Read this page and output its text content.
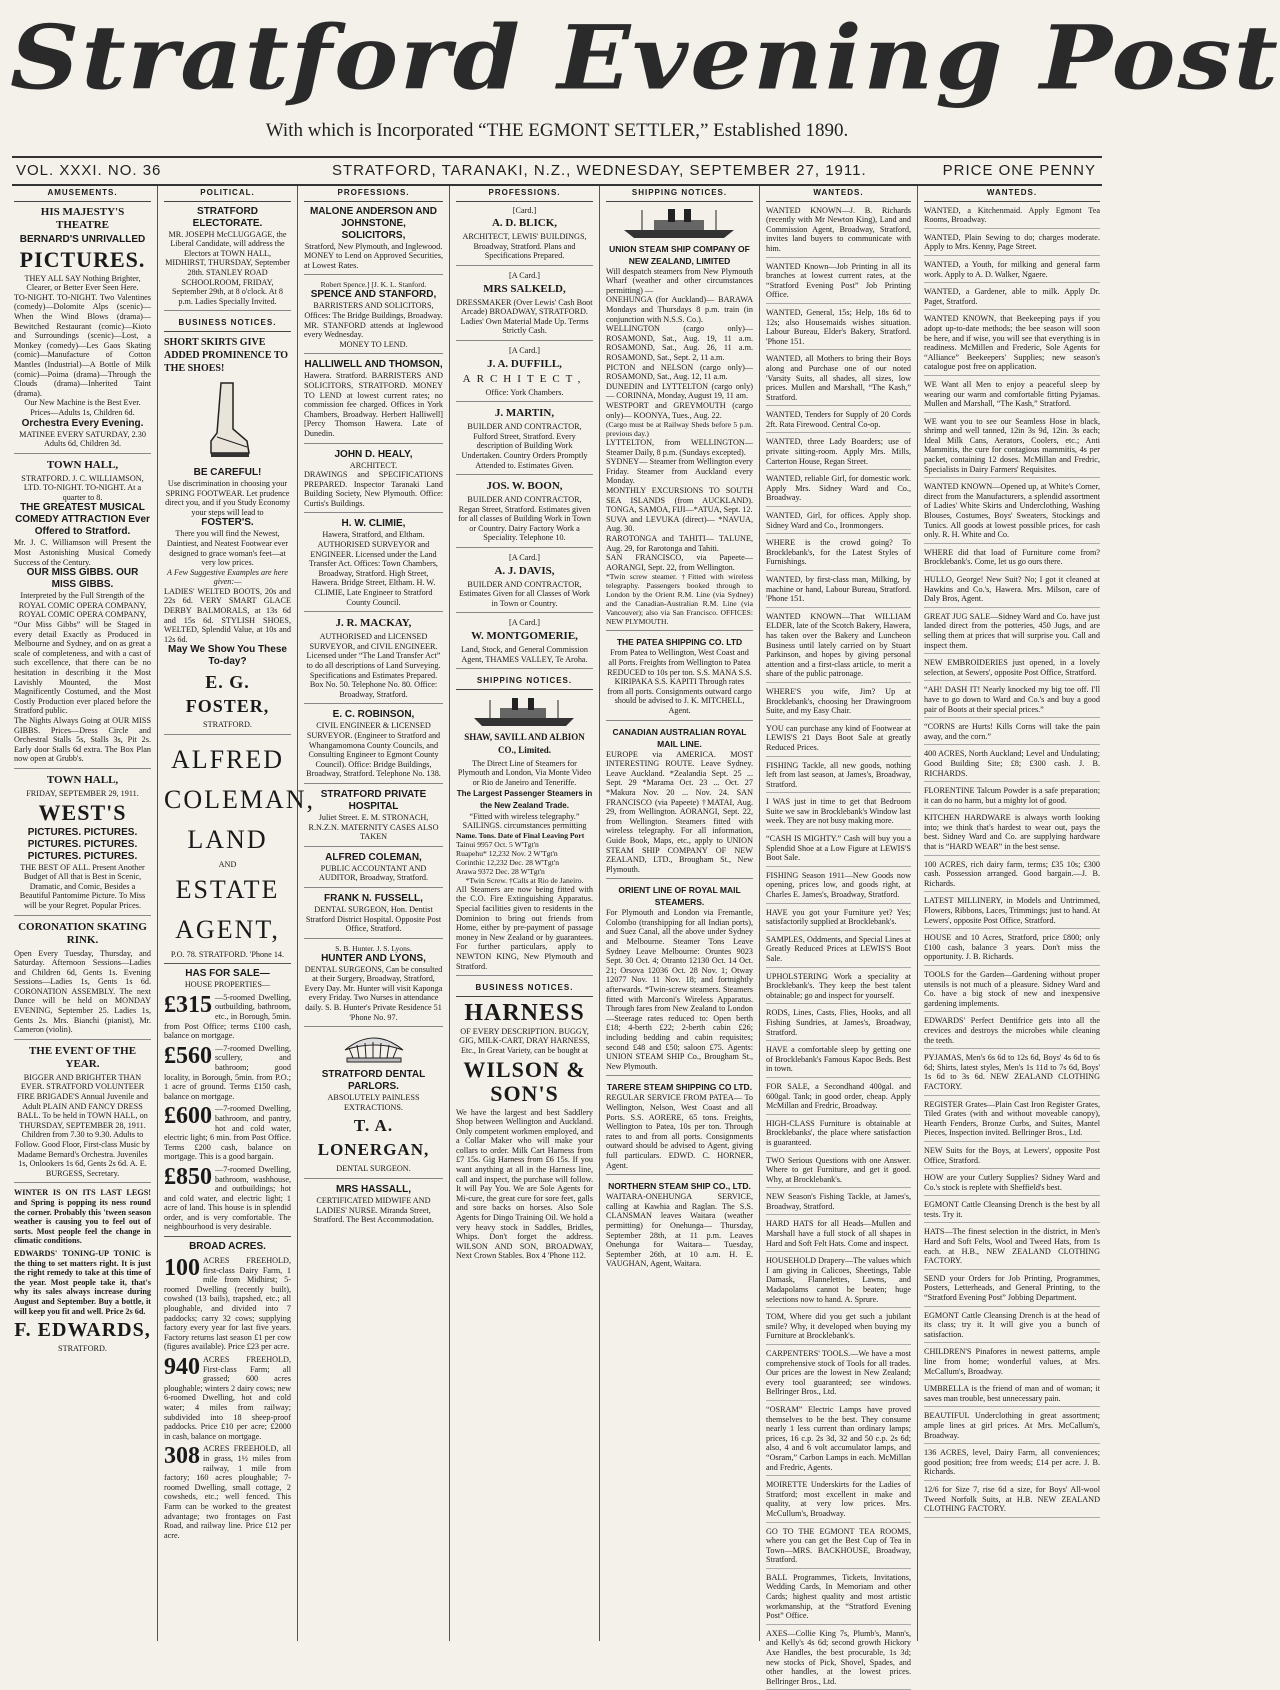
Stratford Evening Post
With which is Incorporated “THE EGMONT SETTLER,” Established 1890.
VOL. XXXI. NO. 36	STRATFORD, TARANAKI, N.Z., WEDNESDAY, SEPTEMBER 27, 1911.	PRICE ONE PENNY
AMUSEMENTS.
HIS MAJESTY'S THEATRE
BERNARD'S UNRIVALLED
PICTURES.
THEY ALL SAY Nothing Brighter, Clearer, or Better Ever Seen Here.
TO-NIGHT. TO-NIGHT. Two Valentines (comedy)—Dolomite Alps (scenic)—When the Wind Blows (drama)—Bewitched Restaurant (comic)—Kioto and Surroundings (scenic)—Lost, a Monkey (comedy)—Les Gaos Skating (comic)—Manufacture of Cotton Mantles (Industrial)—A Bottle of Milk (comic)—Poima (drama)—Through the Clouds (drama)—Inherited Taint (drama).
Our New Machine is the Best Ever. Prices—Adults 1s, Children 6d.
Orchestra Every Evening.
MATINEE EVERY SATURDAY, 2.30 Adults 6d, Children 3d.
TOWN HALL,
STRATFORD. J. C. WILLIAMSON, LTD. TO-NIGHT. TO-NIGHT. At a quarter to 8.
THE GREATEST MUSICAL COMEDY ATTRACTION Ever Offered to Stratford.
Mr. J. C. Williamson will Present the Most Astonishing Musical Comedy Success of the Century.
OUR MISS GIBBS. OUR MISS GIBBS.
Interpreted by the Full Strength of the ROYAL COMIC OPERA COMPANY, ROYAL COMIC OPERA COMPANY,
“Our Miss Gibbs” will be Staged in every detail Exactly as Produced in Melbourne and Sydney, and on as great a scale of completeness, and with a cast of such excellence, that there can be no hesitation in describing it the Most Lavishly Mounted, the Most Magnificently Costumed, and the Most Costly Production ever placed before the Stratford public.
The Nights Always Going at OUR MISS GIBBS. Prices—Dress Circle and Orchestral Stalls 5s, Stalls 3s, Pit 2s. Early door Stalls 6d extra. The Box Plan now open at Grubb's.
TOWN HALL,
FRIDAY, SEPTEMBER 29, 1911.
WEST'S
PICTURES. PICTURES. PICTURES. PICTURES. PICTURES. PICTURES.
THE BEST OF ALL. Present Another Budget of All that is Best in Scenic, Dramatic, and Comic, Besides a Beautiful Pantomime Picture. To Miss will be your Regret. Popular Prices.
CORONATION SKATING RINK.
Open Every Tuesday, Thursday, and Saturday. Afternoon Sessions—Ladies and Children 6d, Gents 1s. Evening Sessions—Ladies 1s, Gents 1s 6d. CORONATION ASSEMBLY. The next Dance will be held on MONDAY EVENING, September 25. Ladies 1s, Gents 2s. Mrs. Bianchi (pianist), Mr. Cameron (violin).
THE EVENT OF THE YEAR.
BIGGER AND BRIGHTER THAN EVER. STRATFORD VOLUNTEER FIRE BRIGADE'S Annual Juvenile and Adult PLAIN AND FANCY DRESS BALL. To be held in TOWN HALL, on THURSDAY, SEPTEMBER 28, 1911. Children from 7.30 to 9.30. Adults to Follow. Good Floor, First-class Music by Madame Bernard's Orchestra. Juveniles 1s, Onlookers 1s 6d, Gents 2s 6d. A. E. BURGESS, Secretary.
WINTER IS ON ITS LAST LEGS! and Spring is popping its ness round the corner. Probably this 'tween season weather is causing you to feel out of sorts. Most people feel the change in climatic conditions.
EDWARDS' TONING-UP TONIC is the thing to set matters right. It is just the right remedy to take at this time of the year. Most people take it, that's why its sales always increase during August and September. Buy a bottle, it will keep you fit and well. Price 2s 6d.
F. EDWARDS,
STRATFORD.
POLITICAL.
STRATFORD ELECTORATE.
MR. JOSEPH McCLUGGAGE, the Liberal Candidate, will address the Electors at TOWN HALL, MIDHIRST, THURSDAY, September 28th. STANLEY ROAD SCHOOLROOM, FRIDAY, September 29th, at 8 o'clock. At 8 p.m. Ladies Specially Invited.
BUSINESS NOTICES.
SHORT SKIRTS GIVE ADDED PROMINENCE TO THE SHOES!
BE CAREFUL!
Use discrimination in choosing your SPRING FOOTWEAR. Let prudence direct you, and if you Study Economy your steps will lead to
FOSTER'S.
There you will find the Newest, Daintiest, and Neatest Footwear ever designed to grace woman's feet—at very low prices.
A Few Suggestive Examples are here given:—
LADIES' WELTED BOOTS, 20s and 22s 6d. VERY SMART GLACE DERBY BALMORALS, at 13s 6d and 15s 6d. STYLISH SHOES, WELTED, Splendid Value, at 10s and 12s 6d.
May We Show You These To-day?
E. G. FOSTER,
STRATFORD.
ALFRED
COLEMAN,
LAND
AND
ESTATE
AGENT,
P.O. 78. STRATFORD. 'Phone 14.
HAS FOR SALE—
HOUSE PROPERTIES—
£315 —5-roomed Dwelling, outbuilding, bathroom, etc., in Borough, 5min. from Post Office; terms £100 cash, balance on mortgage.
£560 —7-roomed Dwelling, scullery, and bathroom; good locality, in Borough, 5min. from P.O.; 1 acre of ground. Terms £150 cash, balance on mortgage.
£600 —7-roomed Dwelling, bathroom, and pantry, hot and cold water, electric light; 6 min. from Post Office. Terms £200 cash, balance on mortgage. This is a good bargain.
£850 —7-roomed Dwelling, bathroom, washhouse, and outbuildings; hot and cold water, and electric light; 1 acre of land. This house is in splendid order, and is very comfortable. The neighbourhood is very desirable.
BROAD ACRES.
100 ACRES FREEHOLD, first-class Dairy Farm, 1 mile from Midhirst; 5-roomed Dwelling (recently built), cowshed (13 bails), trapshed, etc.; all ploughable, and divided into 7 paddocks; carry 32 cows; supplying factory every year for last five years. Factory returns last season £1 per cow (figures available). Price £23 per acre.
940 ACRES FREEHOLD, First-class Farm; all grassed; 600 acres ploughable; winters 2 dairy cows; new 6-roomed Dwelling, hot and cold water; 4 miles from railway; subdivided into 18 sheep-proof paddocks. Price £10 per acre; £2000 in cash, balance on mortgage.
308 ACRES FREEHOLD, all in grass, 1½ miles from railway, 1 mile from factory; 160 acres ploughable; 7-roomed Dwelling, small cottage, 2 cowsheds, etc.; well fenced. This Farm can be worked to the greatest advantage; two frontages on Fast Road, and railway line. Price £12 per acre.
PROFESSIONS.
MALONE ANDERSON AND JOHNSTONE,
SOLICITORS,
Stratford, New Plymouth, and Inglewood.
MONEY to Lend on Approved Securities, at Lowest Rates.
Robert Spence.] [J. K. L. Stanford.
SPENCE AND STANFORD,
BARRISTERS AND SOLICITORS,
Offices: The Bridge Buildings, Broadway.
MR. STANFORD attends at Inglewood every Wednesday.
MONEY TO LEND.
HALLIWELL AND THOMSON,
Hawera. Stratford. BARRISTERS AND SOLICITORS, STRATFORD. MONEY TO LEND at lowest current rates; no commission fee charged. Offices in York Chambers, Broadway. Herbert Halliwell] [Percy Thomson Hawera. Late of Dunedin.
JOHN D. HEALY,
ARCHITECT.
DRAWINGS and SPECIFICATIONS PREPARED. Inspector Taranaki Land Building Society, New Plymouth. Office: Curtis's Buildings.
H. W. CLIMIE,
Hawera, Stratford, and Eltham. AUTHORISED SURVEYOR and ENGINEER. Licensed under the Land Transfer Act. Offices: Town Chambers, Broadway, Stratford. High Street, Hawera. Bridge Street, Eltham. H. W. CLIMIE, Late Engineer to Stratford County Council.
J. R. MACKAY,
AUTHORISED and LICENSED SURVEYOR, and CIVIL ENGINEER. Licensed under “The Land Transfer Act” to do all descriptions of Land Surveying. Specifications and Estimates Prepared. Box No. 50. Telephone No. 80. Office: Broadway, Stratford.
E. C. ROBINSON,
CIVIL ENGINEER & LICENSED SURVEYOR. (Engineer to Stratford and Whangamomona County Councils, and Consulting Engineer to Egmont County Council). Office: Bridge Buildings, Broadway, Stratford. Telephone No. 138.
STRATFORD PRIVATE HOSPITAL
Juliet Street. E. M. STRONACH, R.N.Z.N. MATERNITY CASES ALSO TAKEN
ALFRED COLEMAN,
PUBLIC ACCOUNTANT AND AUDITOR, Broadway, Stratford.
FRANK N. FUSSELL,
DENTAL SURGEON, Hon. Dentist Stratford District Hospital. Opposite Post Office, Stratford.
S. B. Hunter. J. S. Lyons.
HUNTER AND LYONS,
DENTAL SURGEONS, Can be consulted at their Surgery, Broadway, Stratford, Every Day. Mr. Hunter will visit Kaponga every Friday. Two Nurses in attendance daily. S. B. Hunter's Private Residence 51 'Phone No. 97.
STRATFORD DENTAL PARLORS.
ABSOLUTELY PAINLESS EXTRACTIONS.
T. A. LONERGAN,
DENTAL SURGEON.
MRS HASSALL,
CERTIFICATED MIDWIFE AND LADIES' NURSE. Miranda Street, Stratford. The Best Accommodation.
PROFESSIONS.
[Card.]
A. D. BLICK,
ARCHITECT, LEWIS' BUILDINGS, Broadway, Stratford. Plans and Specifications Prepared.
[A Card.]
MRS SALKELD,
DRESSMAKER (Over Lewis' Cash Boot Arcade) BROADWAY, STRATFORD. Ladies' Own Material Made Up. Terms Strictly Cash.
[A Card.]
J. A. DUFFILL,
ARCHITECT,
Office: York Chambers.
J. MARTIN,
BUILDER AND CONTRACTOR, Fulford Street, Stratford. Every description of Building Work Undertaken. Country Orders Promptly Attended to. Estimates Given.
JOS. W. BOON,
BUILDER AND CONTRACTOR, Regan Street, Stratford. Estimates given for all classes of Building Work in Town or Country. Dairy Factory Work a Speciality. Telephone 10.
[A Card.]
A. J. DAVIS,
BUILDER AND CONTRACTOR, Estimates Given for all Classes of Work in Town or Country.
[A Card.]
W. MONTGOMERIE,
Land, Stock, and General Commission Agent, THAMES VALLEY, Te Aroha.
SHIPPING NOTICES.
SHAW, SAVILL AND ALBION CO., Limited.
The Direct Line of Steamers for Plymouth and London, Via Monte Video or Rio de Janeiro and Teneriffe.
The Largest Passenger Steamers in the New Zealand Trade.
“Fitted with wireless telegraphy.”
SAILINGS. circumstances permitting
Name. Tons. Date of Final Leaving Port
Tainui 9957 Oct. 5 W'Tgt'n
Ruapehu* 12,232 Nov. 2 W'Tgt'n
Corinthic 12,232 Dec. 28 W'Tgt'n
Arawa 9372 Dec. 28 W'Tgt'n
*Twin Screw. †Calls at Rio de Janeiro.
All Steamers are now being fitted with the C.O. Fire Extinguishing Apparatus. Special facilities given to residents in the Dominion to bring out friends from Home, either by pre-payment of passage money in New Zealand or by guarantees. For further particulars, apply to NEWTON KING, New Plymouth and Stratford.
BUSINESS NOTICES.
HARNESS
OF EVERY DESCRIPTION. BUGGY, GIG, MILK-CART, DRAY HARNESS, Etc., In Great Variety, can be bought at
WILSON & SON'S
We have the largest and best Saddlery Shop between Wellington and Auckland. Only competent workmen employed, and a Collar Maker who will make your collars to order. Milk Cart Harness from £7 15s. Gig Harness from £6 15s. If you want anything at all in the Harness line, call and inspect, the purchase will follow. It will Pay You. We are Sole Agents for Mi-cure, the great cure for sore feet, galls and sore backs on horses. Also Sole Agents for Dingo Training Oil. We hold a very heavy stock in Saddles, Bridles, Whips. Don't forget the address. WILSON AND SON, BROADWAY, Next Crown Stables. Box 4 'Phone 112.
SHIPPING NOTICES.
UNION STEAM SHIP COMPANY OF NEW ZEALAND, LIMITED
Will despatch steamers from New Plymouth Wharf (weather and other circumstances permitting) —
ONEHUNGA (for Auckland)— BARAWA Mondays and Thursdays 8 p.m. train (in conjunction with N.S.S. Co.).
WELLINGTON (cargo only)— ROSAMOND, Sat., Aug. 19, 11 a.m. ROSAMOND, Sat., Aug. 26, 11 a.m. ROSAMOND, Sat., Sept. 2, 11 a.m.
PICTON and NELSON (cargo only)— ROSAMOND, Sat., Aug. 12, 11 a.m.
DUNEDIN and LYTTELTON (cargo only)— CORINNA, Monday, August 19, 11 am.
WESTPORT and GREYMOUTH (cargo only)— KOONYA, Tues., Aug. 22.
(Cargo must be at Railway Sheds before 5 p.m. previous day.)
LYTTELTON, from WELLINGTON— Steamer Daily, 8 p.m. (Sundays excepted).
SYDNEY— Steamer from Wellington every Friday. Steamer from Auckland every Monday.
MONTHLY EXCURSIONS TO SOUTH SEA ISLANDS (from AUCKLAND). TONGA, SAMOA, FIJI—*ATUA, Sept. 12.
SUVA and LEVUKA (direct)— *NAVUA, Aug. 30.
RAROTONGA and TAHITI— TALUNE, Aug. 29, for Rarotonga and Tahiti.
SAN FRANCISCO, via Papeete— AORANGI, Sept. 22, from Wellington.
*Twin screw steamer. †Fitted with wireless telegraphy. Passengers booked through to London by the Orient R.M. Line (via Sydney) and the Canadian-Australian R.M. Line (via Vancouver); also via San Francisco. OFFICES: NEW PLYMOUTH.
THE PATEA SHIPPING CO. LTD
From Patea to Wellington, West Coast and all Ports. Freights from Wellington to Patea REDUCED to 10s per ton. S.S. MANA S.S. KIRIPAKA S.S. KAPITI Through rates from all ports. Consignments outward cargo should be advised to J. K. MITCHELL, Agent.
CANADIAN AUSTRALIAN ROYAL MAIL LINE.
EUROPE via AMERICA. MOST INTERESTING ROUTE. Leave Sydney. Leave Auckland. *Zealandia Sept. 25 ... Sept. 29 *Marama Oct. 23 ... Oct. 27 *Makura Nov. 20 ... Nov. 24. SAN FRANCISCO (via Papeete) †MATAI, Aug. 29, from Wellington. AORANGI, Sept. 22, from Wellington. Steamers fitted with wireless telegraphy. For all information, Guide Book, Maps, etc., apply to UNION STEAM SHIP COMPANY OF NEW ZEALAND, LTD., Brougham St., New Plymouth.
ORIENT LINE OF ROYAL MAIL STEAMERS.
For Plymouth and London via Fremantle, Colombo (transhipping for all Indian ports), and Suez Canal, all the above under Sydney and Melbourne. Steamer Tons Leave Sydney Leave Melbourne: Oruntes 9023 Sept. 30 Oct. 4; Otranto 12130 Oct. 14 Oct. 21; Orsova 12036 Oct. 28 Nov. 1; Otway 12077 Nov. 11 Nov. 18; and fortnightly afterwards. *Twin-screw steamers. Steamers fitted with Marconi's Wireless Apparatus. Through fares from New Zealand to London—Steerage rates reduced to: Open berth £18; 4-berth £22; 2-berth cabin £26; including bedding and cabin requisites; second £48 and £50; saloon £75. Agents: UNION STEAM SHIP Co., Brougham St., New Plymouth.
TARERE STEAM SHIPPING CO LTD.
REGULAR SERVICE FROM PATEA— To Wellington, Nelson, West Coast and all Ports. S.S. AORERE, 65 tons. Freights, Wellington to Patea, 10s per ton. Through rates to and from all ports. Consignments outward should be advised to Agent, giving full particulars. EDWD. C. HORNER, Agent.
NORTHERN STEAM SHIP CO., LTD.
WAITARA-ONEHUNGA SERVICE, calling at Kawhia and Raglan. The S.S. CLANSMAN leaves Waitara (weather permitting) for Onehunga— Thursday, September 28th, at 11 p.m. Leaves Onehunga for Waitara— Tuesday, September 26th, at 10 a.m. H. E. VAUGHAN, Agent, Waitara.
WANTEDS.
WANTED KNOWN—J. B. Richards (recently with Mr Newton King), Land and Commission Agent, Broadway, Stratford, invites land buyers to communicate with him.
WANTED Known—Job Printing in all its branches at lowest current rates, at the “Stratford Evening Post” Job Printing Office.
WANTED, General, 15s; Help, 18s 6d to 12s; also Housemaids wishes situation. Labour Bureau, Elder's Bakery, Stratford. 'Phone 151.
WANTED, all Mothers to bring their Boys along and Purchase one of our noted 'Varsity Suits, all shades, all sizes, low prices. Mullen and Marshall, “The Kash,” Stratford.
WANTED, Tenders for Supply of 20 Cords 2ft. Rata Firewood. Central Co-op.
WANTED, three Lady Boarders; use of private sitting-room. Apply Mrs. Mills, Carterton House, Regan Street.
WANTED, reliable Girl, for domestic work. Apply Mrs. Sidney Ward and Co., Broadway.
WANTED, Girl, for offices. Apply shop. Sidney Ward and Co., Ironmongers.
WHERE is the crowd going? To Brocklebank's, for the Latest Styles of Furnishings.
WANTED, by first-class man, Milking, by machine or hand, Labour Bureau, Stratford. 'Phone 151.
WANTED KNOWN—That WILLIAM ELDER, late of the Scotch Bakery, Hawera, has taken over the Bakery and Luncheon Business until lately carried on by Stuart Parkinson, and hopes by giving personal attention and a first-class article, to merit a share of the public patronage.
WHERE'S you wife, Jim? Up at Brocklebank's, choosing her Drawingroom Suite, and my Easy Chair.
YOU can purchase any kind of Footwear at LEWIS'S 21 Days Boot Sale at greatly Reduced Prices.
FISHING Tackle, all new goods, nothing left from last season, at James's, Broadway, Stratford.
I WAS just in time to get that Bedroom Suite we saw in Brocklebank's Window last week. They are not busy making more.
“CASH IS MIGHTY.” Cash will buy you a Splendid Shoe at a Low Figure at LEWIS'S Boot Sale.
FISHING Season 1911—New Goods now opening, prices low, and goods right, at Charles E. James's, Broadway, Stratford.
HAVE you got your Furniture yet? Yes; satisfactorily supplied at Brocklebank's.
SAMPLES, Oddments, and Special Lines at Greatly Reduced Prices at LEWIS'S Boot Sale.
UPHOLSTERING Work a speciality at Brocklebank's. They keep the best talent obtainable; go and inspect for yourself.
RODS, Lines, Casts, Flies, Hooks, and all Fishing Sundries, at James's, Broadway, Stratford.
HAVE a comfortable sleep by getting one of Brocklebank's Famous Kapoc Beds. Best in town.
FOR SALE, a Secondhand 400gal. and 600gal. Tank; in good order, cheap. Apply McMillan and Fredric, Broadway.
HIGH-CLASS Furniture is obtainable at Brocklebanks', the place where satisfaction is guaranteed.
TWO Serious Questions with one Answer. Where to get Furniture, and get it good. Why, at Brocklebank's.
NEW Season's Fishing Tackle, at James's, Broadway, Stratford.
HARD HATS for all Heads—Mullen and Marshall have a full stock of all shapes in Hard and Soft Felt Hats. Come and inspect.
HOUSEHOLD Drapery—The values which I am giving in Calicoes, Sheetings, Table Damask, Flannelettes, Lawns, and Madapolams cannot be beaten; huge selections now to hand. A. Sprure.
TOM, Where did you get such a jubilant smile? Why, it developed when buying my Furniture at Brocklebank's.
CARPENTERS' TOOLS.—We have a most comprehensive stock of Tools for all trades. Our prices are the lowest in New Zealand; every tool guaranteed; see windows. Bellringer Bros., Ltd.
“OSRAM” Electric Lamps have proved themselves to be the best. They consume nearly 1 less current than ordinary lamps; prices, 16 c.p. 2s 3d, 32 and 50 c.p. 2s 6d; also, 4 and 6 volt accumulator lamps, and “Osram,” Carbon Lamps in each. McMillan and Fredric, Agents.
MOIRETTE Underskirts for the Ladies of Stratford; most excellent in make and quality, at very low prices. Mrs. McCullum's, Broadway.
GO TO THE EGMONT TEA ROOMS, where you can get the Best Cup of Tea in Town—MRS. BACKHOUSE, Broadway, Stratford.
BALL Programmes, Tickets, Invitations, Wedding Cards, In Memoriam and other Cards; highest quality and most artistic workmanship, at the “Stratford Evening Post” Office.
AXES—Collie King 7s, Plumb's, Mann's, and Kelly's 4s 6d; second growth Hickory Axe Handles, the best procurable, 1s 3d; new stocks of Pick, Shovel, Spades, and other handles, at the lowest prices. Bellringer Bros., Ltd.
WANTEDS.
WANTED, a Kitchenmaid. Apply Egmont Tea Rooms, Broadway.
WANTED, Plain Sewing to do; charges moderate. Apply to Mrs. Kenny, Page Street.
WANTED, a Youth, for milking and general farm work. Apply to A. D. Walker, Ngaere.
WANTED, a Gardener, able to milk. Apply Dr. Paget, Stratford.
WANTED KNOWN, that Beekeeping pays if you adopt up-to-date methods; the bee season will soon be here, and if wise, you will see that everything is in readiness. McMillen and Frederic, Sole Agents for “Alliance” Beekeepers' Supplies; new season's catalogue post free on application.
WE Want all Men to enjoy a peaceful sleep by wearing our warm and comfortable fitting Pyjamas. Mullen and Marshall, “The Kash,” Stratford.
WE want you to see our Seamless Hose in black, shrimp and well tanned, 12in 3s 9d, 12in. 3s each; Ideal Milk Cans, Aerators, Coolers, etc.; Anti Mammitis, the cure for contagious mammitis, 4s per packet, containing 12 doses. McMillan and Fredric, Specialists in Dairy Farmers' Requisites.
WANTED KNOWN—Opened up, at White's Corner, direct from the Manufacturers, a splendid assortment of Ladies' White Skirts and Underclothing, Washing Blouses, Costumes, Boys' Sweaters, Stockings and Tunics. All goods at lowest possible prices, for cash only. R. H. White and Co.
WHERE did that load of Furniture come from? Brocklebank's. Come, let us go ours there.
HULLO, George! New Suit? No; I got it cleaned at Hawkins and Co.'s, Hawera. Mrs. Milson, care of Daly Bros, Agent.
GREAT JUG SALE—Sidney Ward and Co. have just landed direct from the potteries, 450 Jugs, and are selling them at prices that will surprise you. Call and inspect them.
NEW EMBROIDERIES just opened, in a lovely selection, at Sewers', opposite Post Office, Stratford.
“AH! DASH IT! Nearly knocked my big toe off. I'll have to go down to Ward and Co.'s and buy a good pair of Boots at their special prices.”
“CORNS are Hurts! Kills Corns will take the pain away, and the corn.”
400 ACRES, North Auckland; Level and Undulating; Good Building Site; £8; £300 cash. J. B. RICHARDS.
FLORENTINE Talcum Powder is a safe preparation; it can do no harm, but a mighty lot of good.
KITCHEN HARDWARE is always worth looking into; we think that's hardest to wear out, pays the best. Sidney Ward and Co. are supplying hardware that is “HARD WEAR” in the best sense.
100 ACRES, rich dairy farm, terms; £35 10s; £300 cash. Possession arranged. Good bargain.—J. B. Richards.
LATEST MILLINERY, in Models and Untrimmed, Flowers, Ribbons, Laces, Trimmings; just to hand. At Lewers', opposite Post Office, Stratford.
HOUSE and 10 Acres, Stratford, price £800; only £100 cash, balance 3 years. Don't miss the opportunity. J. B. Richards.
TOOLS for the Garden—Gardening without proper utensils is not much of a pleasure. Sidney Ward and Co. have a big stock of new and inexpensive gardening implements.
EDWARDS' Perfect Dentifrice gets into all the crevices and destroys the microbes while cleaning the teeth.
PYJAMAS, Men's 6s 6d to 12s 6d, Boys' 4s 6d to 6s 6d; Shirts, latest styles, Men's 1s 11d to 7s 6d, Boys' 1s 6d to 3s 6d. NEW ZEALAND CLOTHING FACTORY.
REGISTER Grates—Plain Cast Iron Register Grates, Tiled Grates (with and without moveable canopy), Hearth Fenders, Bronze Curbs, and Suites, Mantel Pieces, Inspection invited. Bellringer Bros., Ltd.
NEW Suits for the Boys, at Lewers', opposite Post Office, Stratford.
HOW are your Cutlery Supplies? Sidney Ward and Co.'s stock is replete with Sheffield's best.
EGMONT Cattle Cleansing Drench is the best by all tests. Try it.
HATS—The finest selection in the district, in Men's Hard and Soft Felts, Wool and Tweed Hats, from 1s each. at H.B., NEW ZEALAND CLOTHING FACTORY.
SEND your Orders for Job Printing, Programmes, Posters, Letterheads, and General Printing, to the “Stratford Evening Post” Jobbing Department.
EGMONT Cattle Cleansing Drench is at the head of its class; try it. It will give you a bunch of satisfaction.
CHILDREN'S Pinafores in newest patterns, ample line from home; wonderful values, at Mrs. McCallum's, Broadway.
UMBRELLA is the friend of man and of woman; it saves man trouble, best unnecessary pain.
BEAUTIFUL Underclothing in great assortment; ample lines at girl prices. At Mrs. McCallum's, Broadway.
136 ACRES, level, Dairy Farm, all conveniences; good position; free from weeds; £14 per acre. J. B. Richards.
12/6 for Size 7, rise 6d a size, for Boys' All-wool Tweed Norfolk Suits, at H.B. NEW ZEALAND CLOTHING FACTORY.
